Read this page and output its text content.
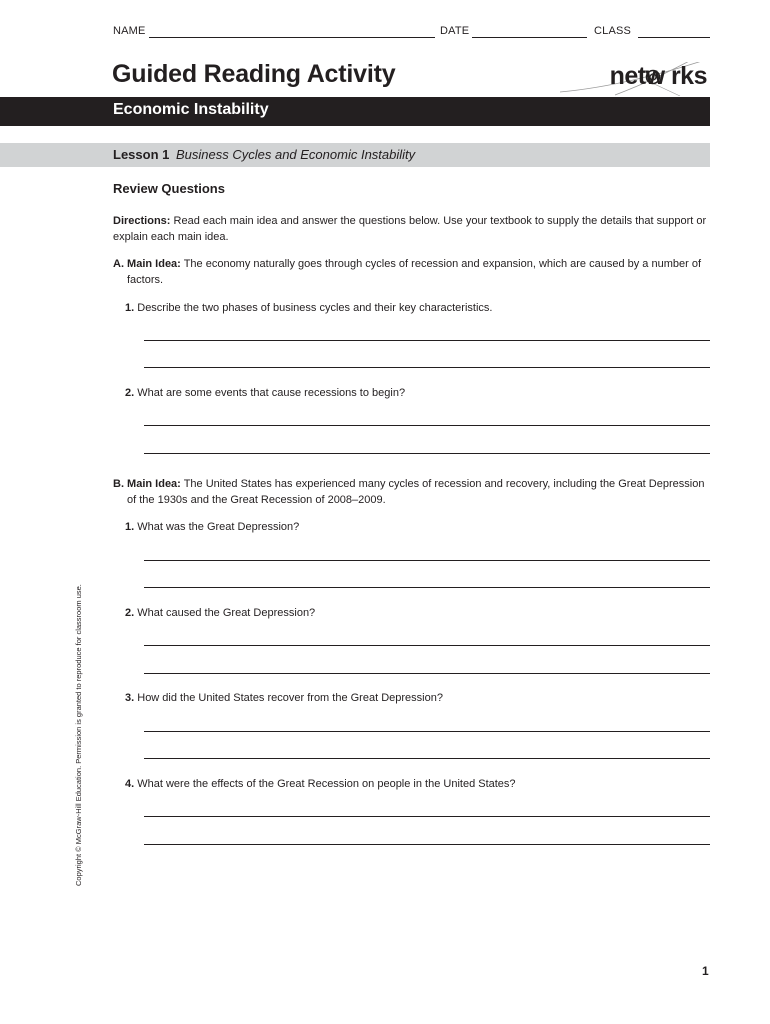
NAME	DATE	CLASS
Guided Reading Activity	netw rks
Economic Instability
Lesson 1 Business Cycles and Economic Instability
Review Questions
Directions: Read each main idea and answer the questions below. Use your textbook to supply the details that support or explain each main idea.
A. Main Idea: The economy naturally goes through cycles of recession and expansion, which are caused by a number of factors.
1. Describe the two phases of business cycles and their key characteristics.
2. What are some events that cause recessions to begin?
B. Main Idea: The United States has experienced many cycles of recession and recovery, including the Great Depression of the 1930s and the Great Recession of 2008–2009.
1. What was the Great Depression?
2. What caused the Great Depression?
3. How did the United States recover from the Great Depression?
4. What were the effects of the Great Recession on people in the United States?
Copyright © McGraw-Hill Education. Permission is granted to reproduce for classroom use.
1
